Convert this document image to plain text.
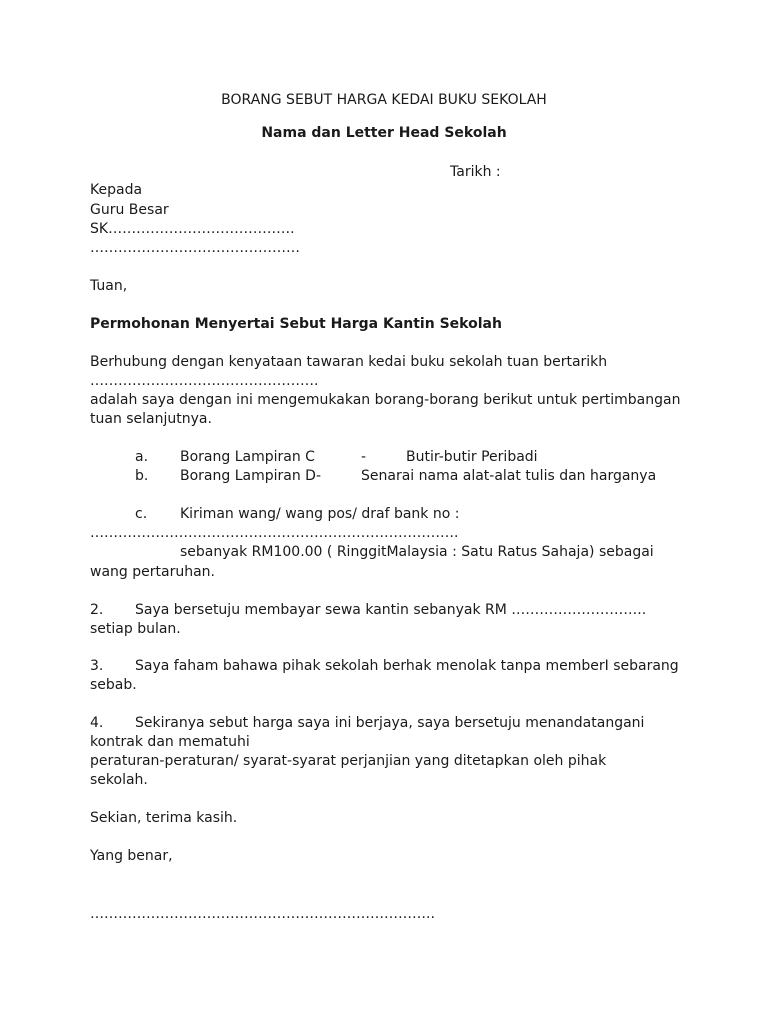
BORANG SEBUT HARGA KEDAI BUKU SEKOLAH
Nama dan Letter Head Sekolah
Tarikh :
Kepada
Guru Besar
SK………………………………….
………………………………………
Tuan,
Permohonan Menyertai Sebut Harga Kantin Sekolah
Berhubung dengan kenyataan tawaran kedai buku sekolah tuan bertarikh
………………………………………….
adalah saya dengan ini mengemukakan borang-borang berikut untuk pertimbangan
tuan selanjutnya.
a. Borang Lampiran C	-	Butir-butir Peribadi
b. Borang Lampiran D-	Senarai nama alat-alat tulis dan harganya
c. Kiriman wang/ wang pos/ draf bank no :
…………………………………………………………………….
sebanyak RM100.00 ( RinggitMalaysia : Satu Ratus Sahaja) sebagai
wang pertaruhan.
2. Saya bersetuju membayar sewa kantin sebanyak RM ………………………..
setiap bulan.
3. Saya faham bahawa pihak sekolah berhak menolak tanpa memberI sebarang
sebab.
4. Sekiranya sebut harga saya ini berjaya, saya bersetuju menandatangani
kontrak dan mematuhi
peraturan-peraturan/ syarat-syarat perjanjian yang ditetapkan oleh pihak
sekolah.
Sekian, terima kasih.
Yang benar,
………………………………………………………………..
